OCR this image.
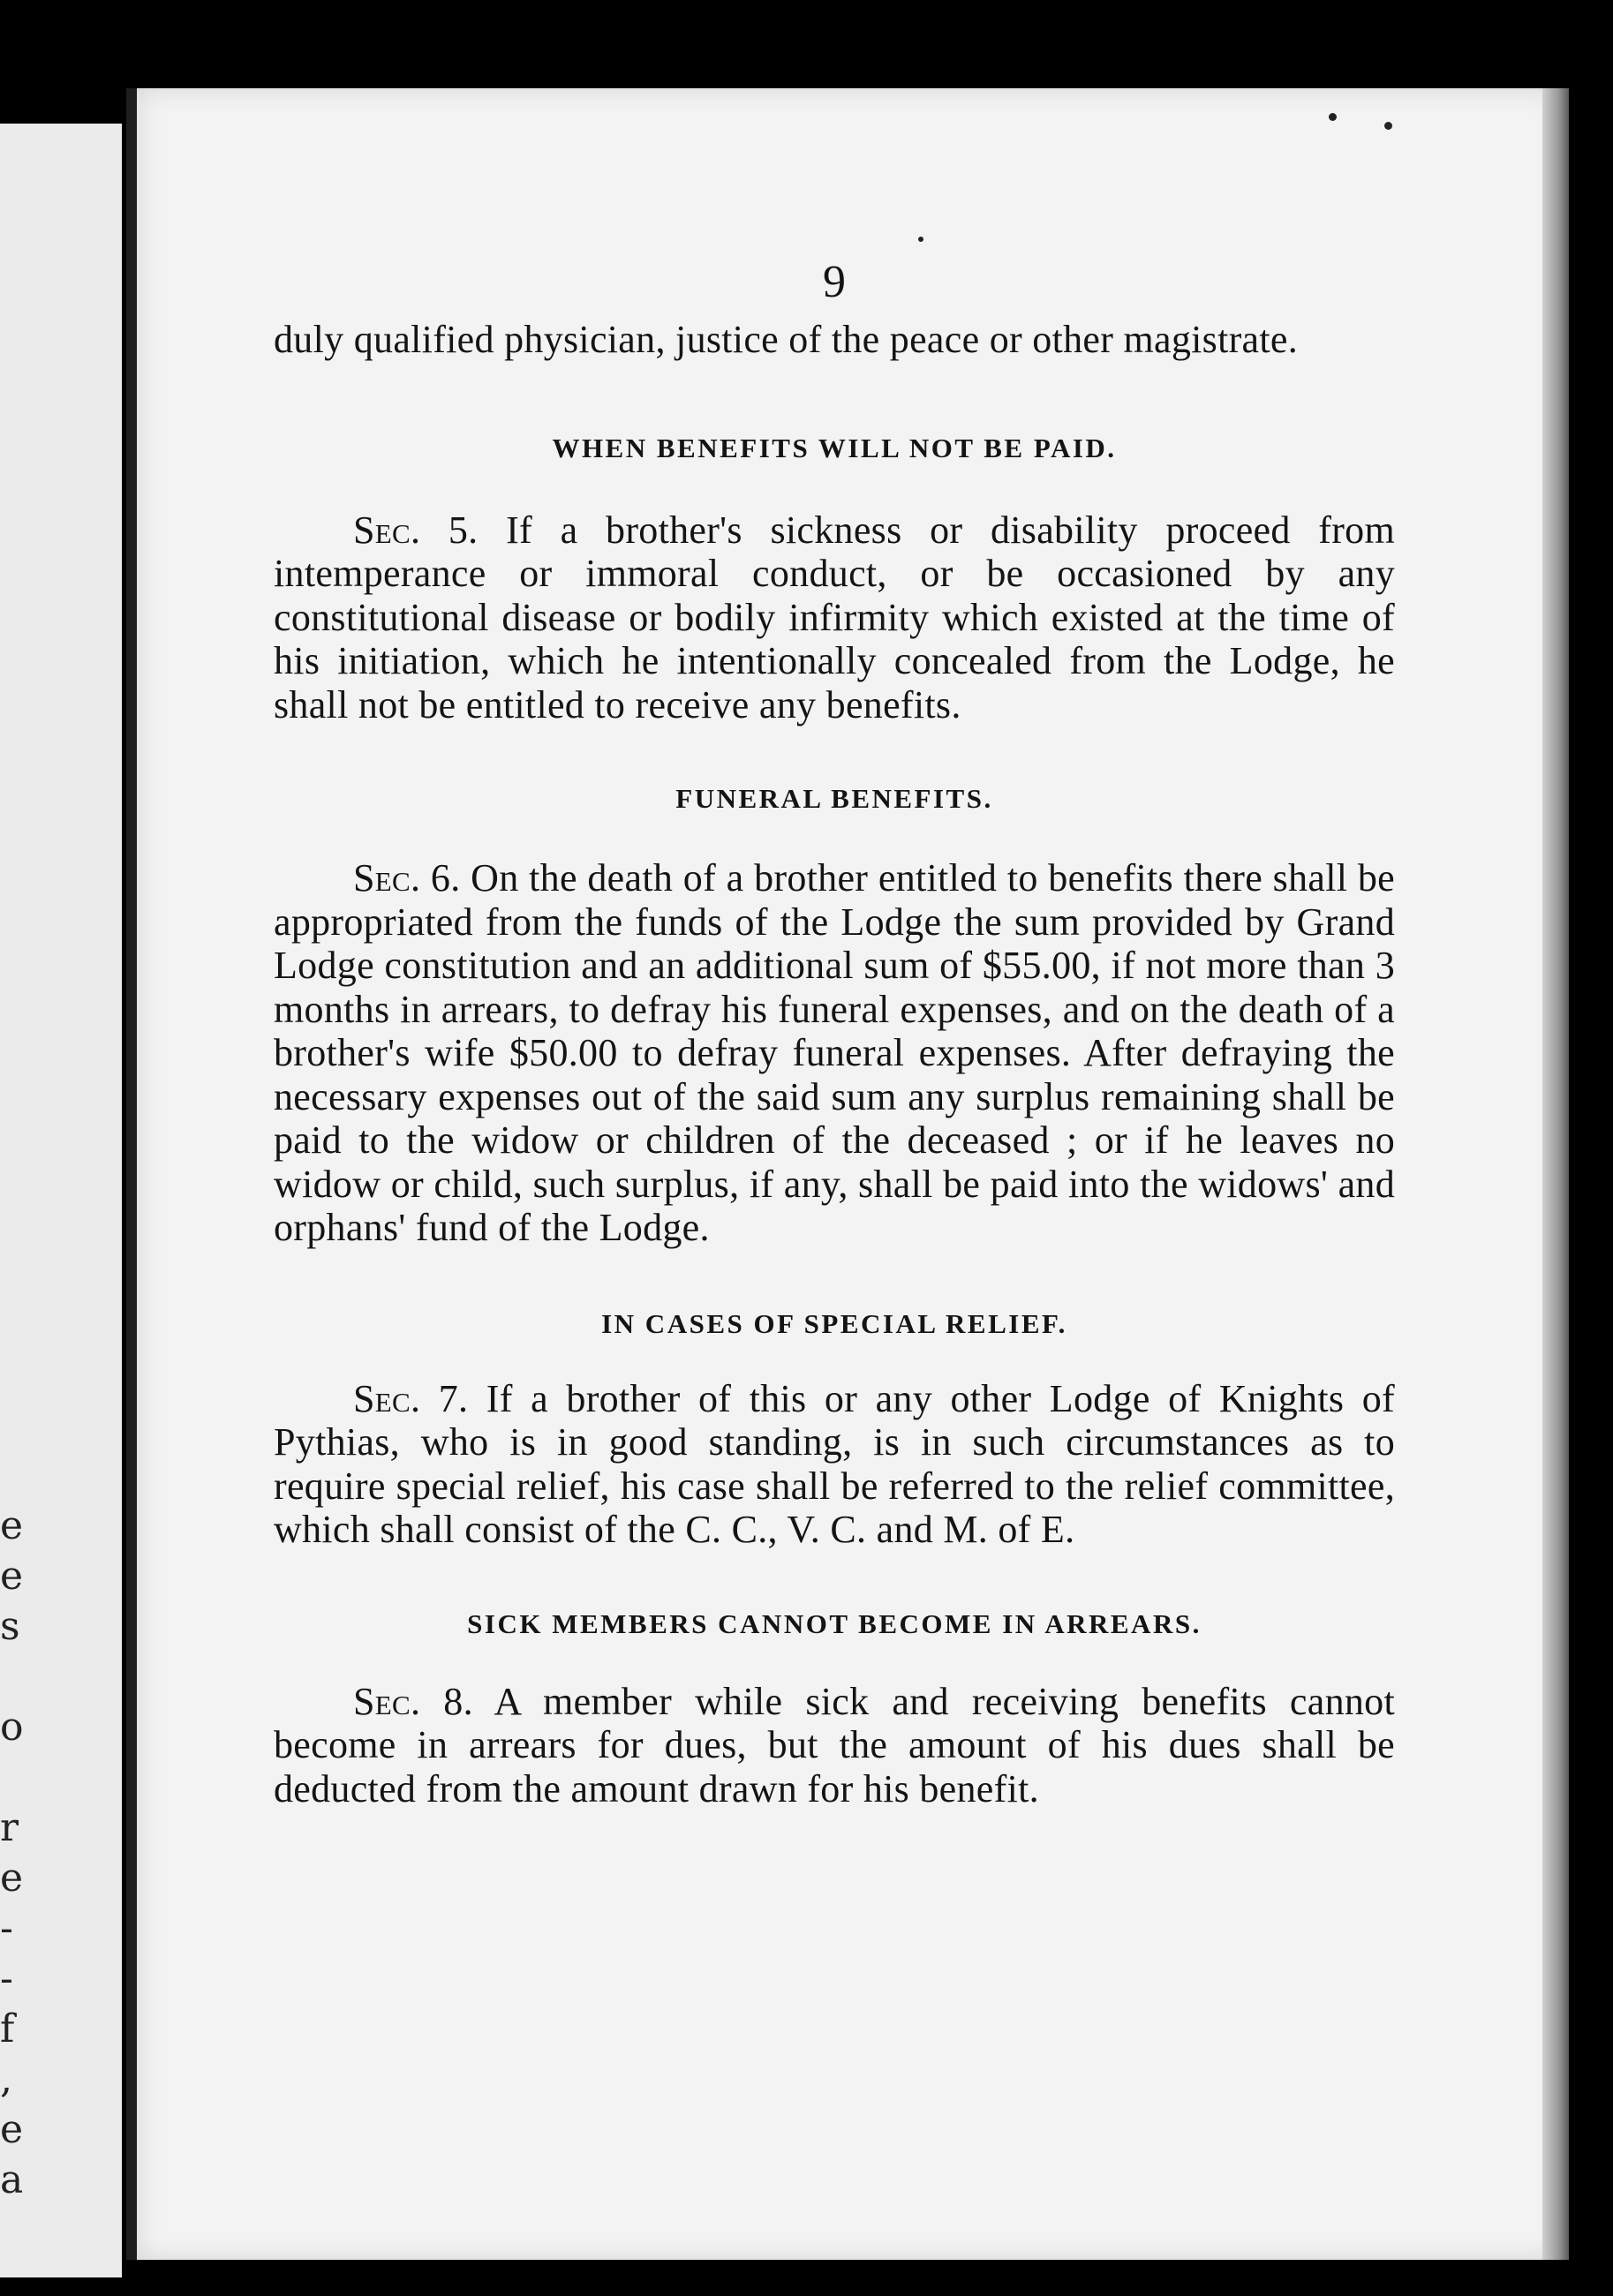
e
e
s
o
r
e
-
-
f
,
e
a
9

duly qualified physician, justice of the peace or other magistrate.

WHEN BENEFITS WILL NOT BE PAID.

Sec. 5. If a brother's sickness or disability proceed from intemperance or immoral conduct, or be occasioned by any constitutional disease or bodily infirmity which existed at the time of his initiation, which he intentionally concealed from the Lodge, he shall not be entitled to receive any benefits.

FUNERAL BENEFITS.

Sec. 6. On the death of a brother entitled to benefits there shall be appropriated from the funds of the Lodge the sum provided by Grand Lodge constitution and an additional sum of $55.00, if not more than 3 months in arrears, to defray his funeral expenses, and on the death of a brother's wife $50.00 to defray funeral expenses. After defraying the necessary expenses out of the said sum any surplus remaining shall be paid to the widow or children of the deceased ; or if he leaves no widow or child, such surplus, if any, shall be paid into the widows' and orphans' fund of the Lodge.

IN CASES OF SPECIAL RELIEF.

Sec. 7. If a brother of this or any other Lodge of Knights of Pythias, who is in good standing, is in such circumstances as to require special relief, his case shall be referred to the relief committee, which shall consist of the C. C., V. C. and M. of E.

SICK MEMBERS CANNOT BECOME IN ARREARS.

Sec. 8. A member while sick and receiving benefits cannot become in arrears for dues, but the amount of his dues shall be deducted from the amount drawn for his benefit.
